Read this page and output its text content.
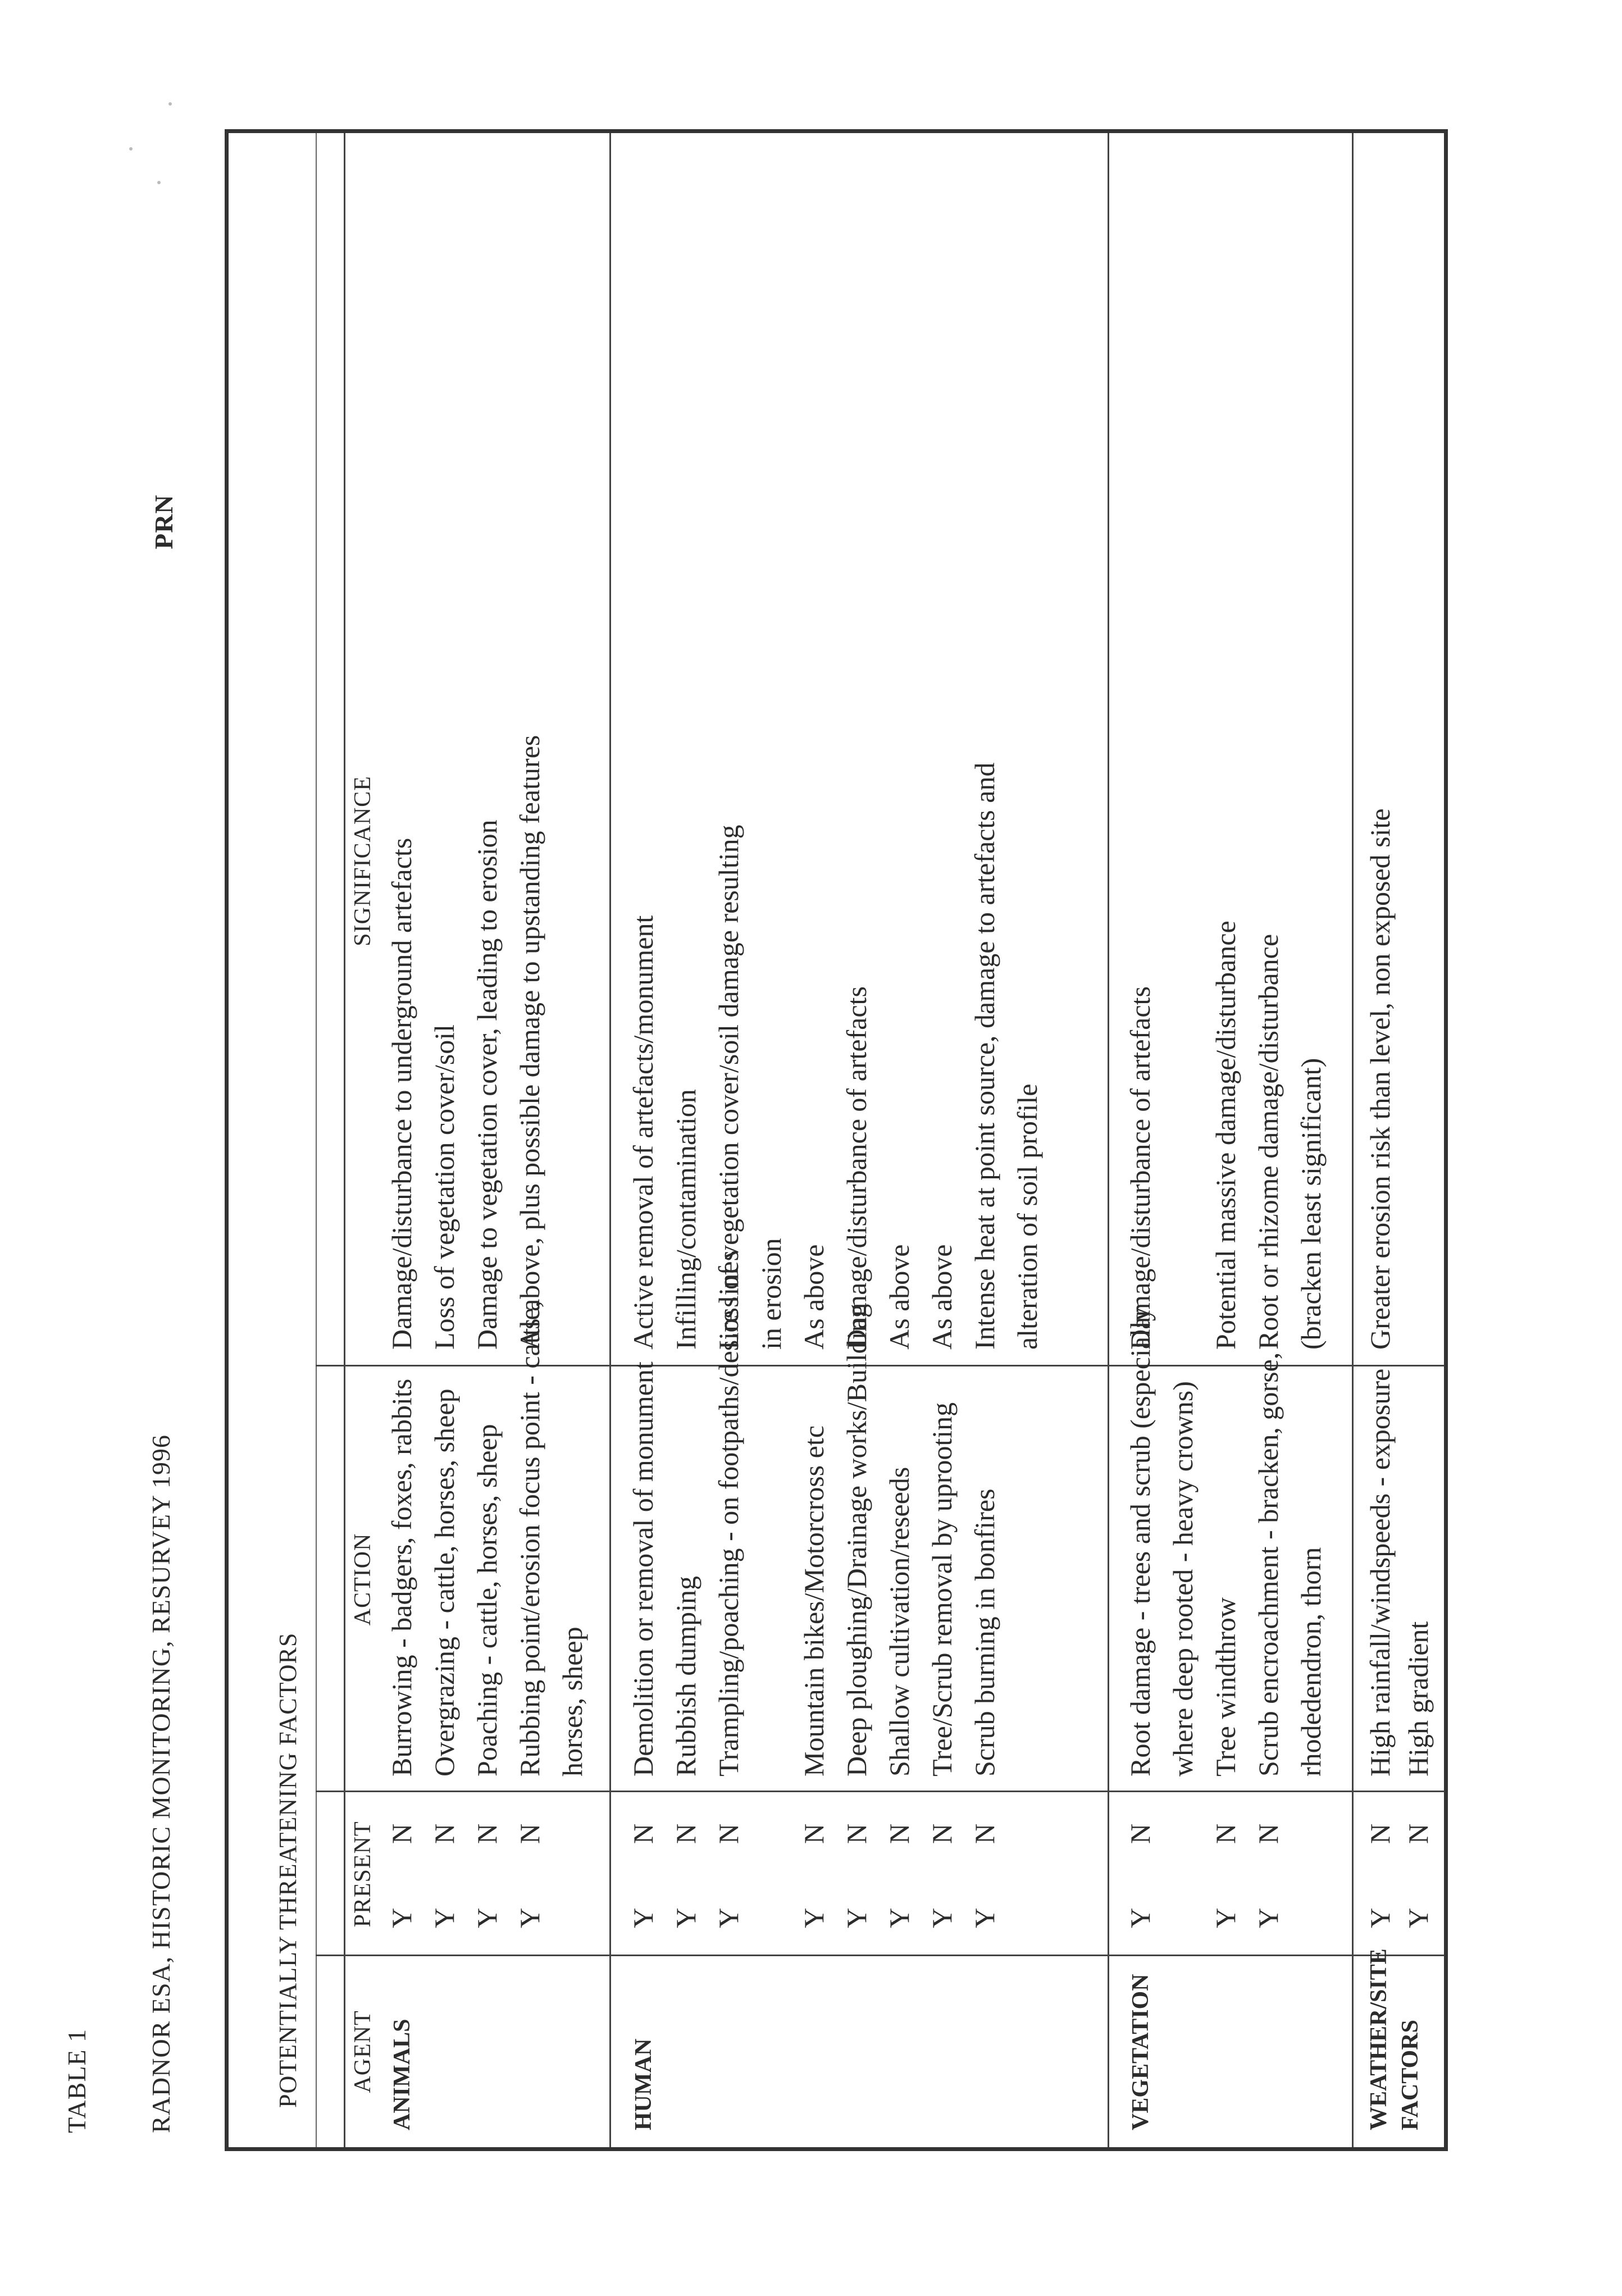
TABLE 1 RADNOR ESA, HISTORIC MONITORING, RESURVEY 1996
PRN
POTENTIALLY THREATENING FACTORS AGENT
PRESENT
ACTION
SIGNIFICANCE
ANIMALS
Y
N
Burrowing - badgers, foxes, rabbits
Damage/disturbance to underground artefacts
Y
N
Overgrazing - cattle, horses, sheep
Loss of vegetation cover/soil
Y
N
Poaching - cattle, horses, sheep
Damage to vegetation cover, leading to erosion
Y
N
Rubbing point/erosion focus point - cattle, horses, sheep
As above, plus possible damage to upstanding features
HUMAN
Y
N
Demolition or removal of monument
Active removal of artefacts/monument
Y
N
Rubbish dumping
Infilling/contamination
Y
N
Trampling/poaching - on footpaths/desire lines
Loss of vegetation cover/soil damage resulting in erosion
Y
N
Mountain bikes/Motorcross etc
As above
Y
N
Deep ploughing/Drainage works/Building
Damage/disturbance of artefacts
Y
N
Shallow cultivation/reseeds
As above
Y
N
Tree/Scrub removal by uprooting
As above
Y
N
Scrub burning in bonfires
Intense heat at point source, damage to artefacts and alteration of soil profile
VEGETATION
Y
N
Root damage - trees and scrub (especially where deep rooted - heavy crowns)
Damage/disturbance of artefacts
Y
N
Tree windthrow
Potential massive damage/disturbance
Y
N
Scrub encroachment - bracken, gorse, rhodedendron, thorn
Root or rhizome damage/disturbance (bracken least significant)
WEATHER/SITE FACTORS
Y
N
High rainfall/windspeeds - exposure
Greater erosion risk than level, non exposed site
Y
N
High gradient
